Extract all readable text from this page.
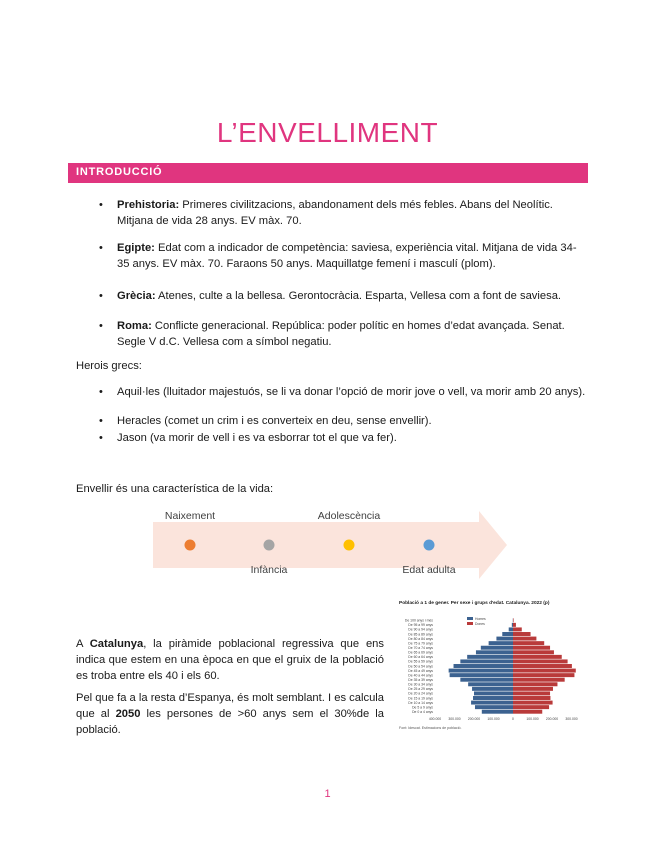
L’ENVELLIMENT
INTRODUCCIÓ

• Prehistoria: Primeres civilitzacions, abandonament dels més febles. Abans del Neolític. Mitjana de vida 28 anys. EV màx. 70.

• Egipte: Edat com a indicador de competència: saviesa, experiència vital. Mitjana de vida 34-35 anys. EV màx. 70. Faraons 50 anys. Maquillatge femení i masculí (plom).

• Grècia: Atenes, culte a la bellesa. Gerontocràcia. Esparta, Vellesa com a font de saviesa.

• Roma: Conflicte generacional. República: poder polític en homes d’edat avançada. Senat. Segle V d.C. Vellesa com a símbol negatiu.

Herois grecs:

• Aquil·les (lluitador majestuós, se li va donar l’opció de morir jove o vell, va morir amb 20 anys).

• Heracles (comet un crim i es converteix en deu, sense envellir).

• Jason (va morir de vell i es va esborrar tot el que va fer).

Envellir és una característica de la vida:
Naixement
Infància
Adolescència
Edat adulta
A Catalunya, la piràmide poblacional regressiva que ens indica que estem en una època en que el gruix de la població es troba entre els 40 i els 60.
Pel que fa a la resta d’Espanya, és molt semblant. I es calcula que al 2050 les persones de >60 anys sem el 30%de la població.
Població a 1 de gener. Per sexe i grups d'edat. Catalunya. 2022 (p)
De 0 a 4 anys
De 5 a 9 anys
De 10 a 14 anys
De 15 a 19 anys
De 20 a 24 anys
De 25 a 29 anys
De 30 a 34 anys
De 35 a 39 anys
De 40 a 44 anys
De 45 a 49 anys
De 50 a 54 anys
De 55 a 59 anys
De 60 a 64 anys
De 65 a 69 anys
De 70 a 74 anys
De 75 a 79 anys
De 80 a 84 anys
De 85 a 89 anys
De 90 a 94 anys
De 95 a 99 anys
De 100 anys i més
400.000 300.000 200.000 100.000	0	100.000 200.000 300.000
Homes
Dones
Font: Idescat. Estimacions de població.
1
